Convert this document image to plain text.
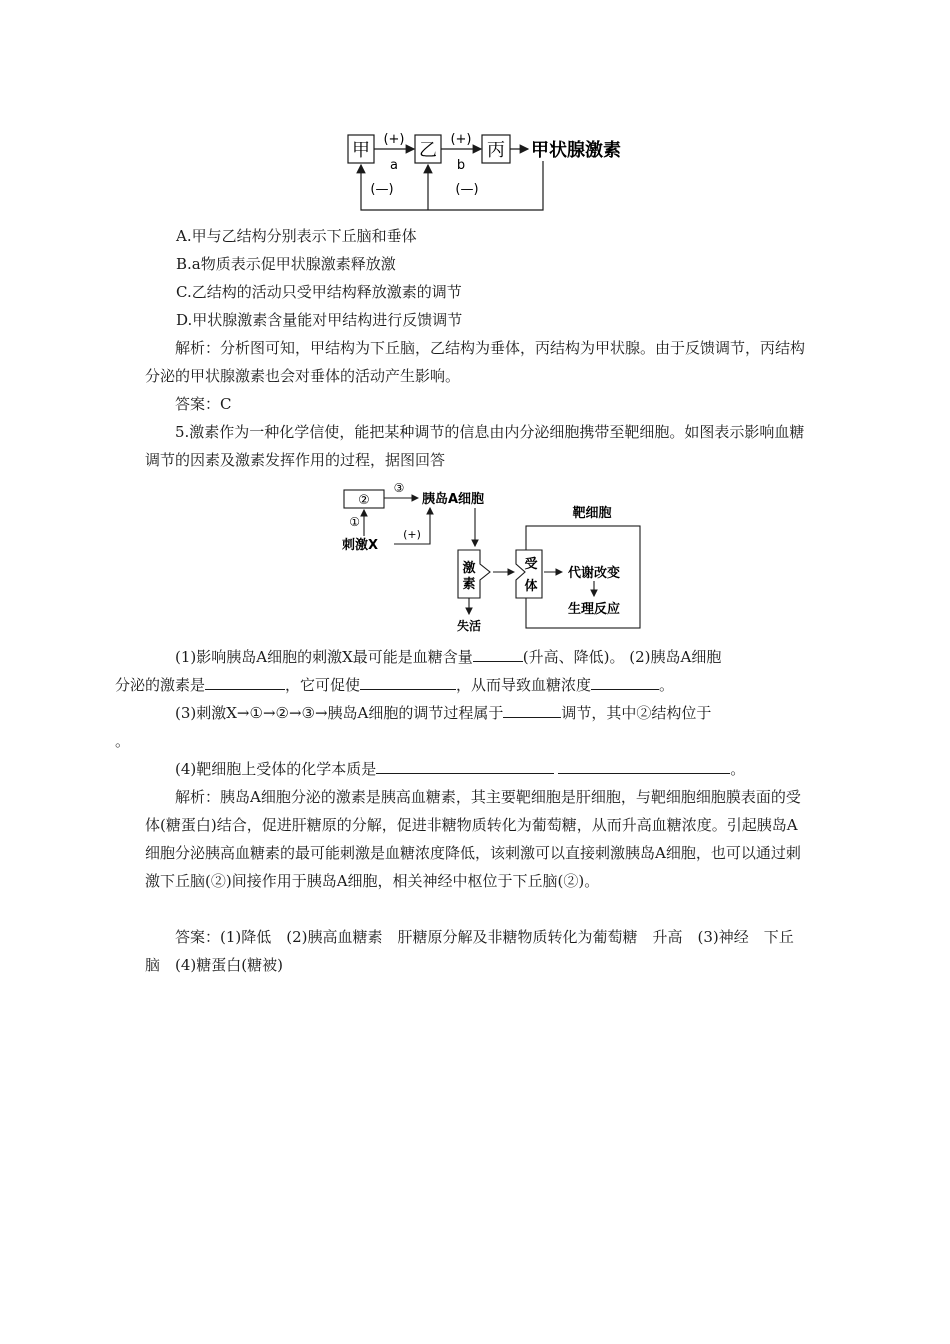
甲	乙	丙 甲状腺激素
(+)	(+)
a	b
(—)	(—)

A.甲与乙结构分别表示下丘脑和垂体

B.a物质表示促甲状腺激素释放激

C.乙结构的活动只受甲结构释放激素的调节

D.甲状腺激素含量能对甲结构进行反馈调节

解析：分析图可知，甲结构为下丘脑，乙结构为垂体，丙结构为甲状腺。由于反馈调节，丙结构分泌的甲状腺激素也会对垂体的活动产生影响。

答案：C

5.激素作为一种化学信使，能把某种调节的信息由内分泌细胞携带至靶细胞。如图表示影响血糖调节的因素及激素发挥作用的过程，据图回答

②
③
胰岛A细胞
①
刺激X
(+)
激
素
失活
靶细胞
受
体
代谢改变
生理反应

(1)影响胰岛A细胞的刺激X最可能是血糖含量	(升高、降低)。 (2)胰岛A细胞
分泌的激素是	，它可促使	，从而导致血糖浓度	。

(3)刺激X→①→②→③→胰岛A细胞的调节过程属于	调节，其中②结构位于
。

(4)靶细胞上受体的化学本质是	。

解析：胰岛A细胞分泌的激素是胰高血糖素，其主要靶细胞是肝细胞，与靶细胞细胞膜表面的受体(糖蛋白)结合，促进肝糖原的分解，促进非糖物质转化为葡萄糖，从而升高血糖浓度。引起胰岛A细胞分泌胰高血糖素的最可能刺激是血糖浓度降低，该刺激可以直接刺激胰岛A细胞，也可以通过刺激下丘脑(②)间接作用于胰岛A细胞，相关神经中枢位于下丘脑(②)。

答案：(1)降低　(2)胰高血糖素　肝糖原分解及非糖物质转化为葡萄糖　升高　(3)神经　下丘脑　(4)糖蛋白(糖被)
